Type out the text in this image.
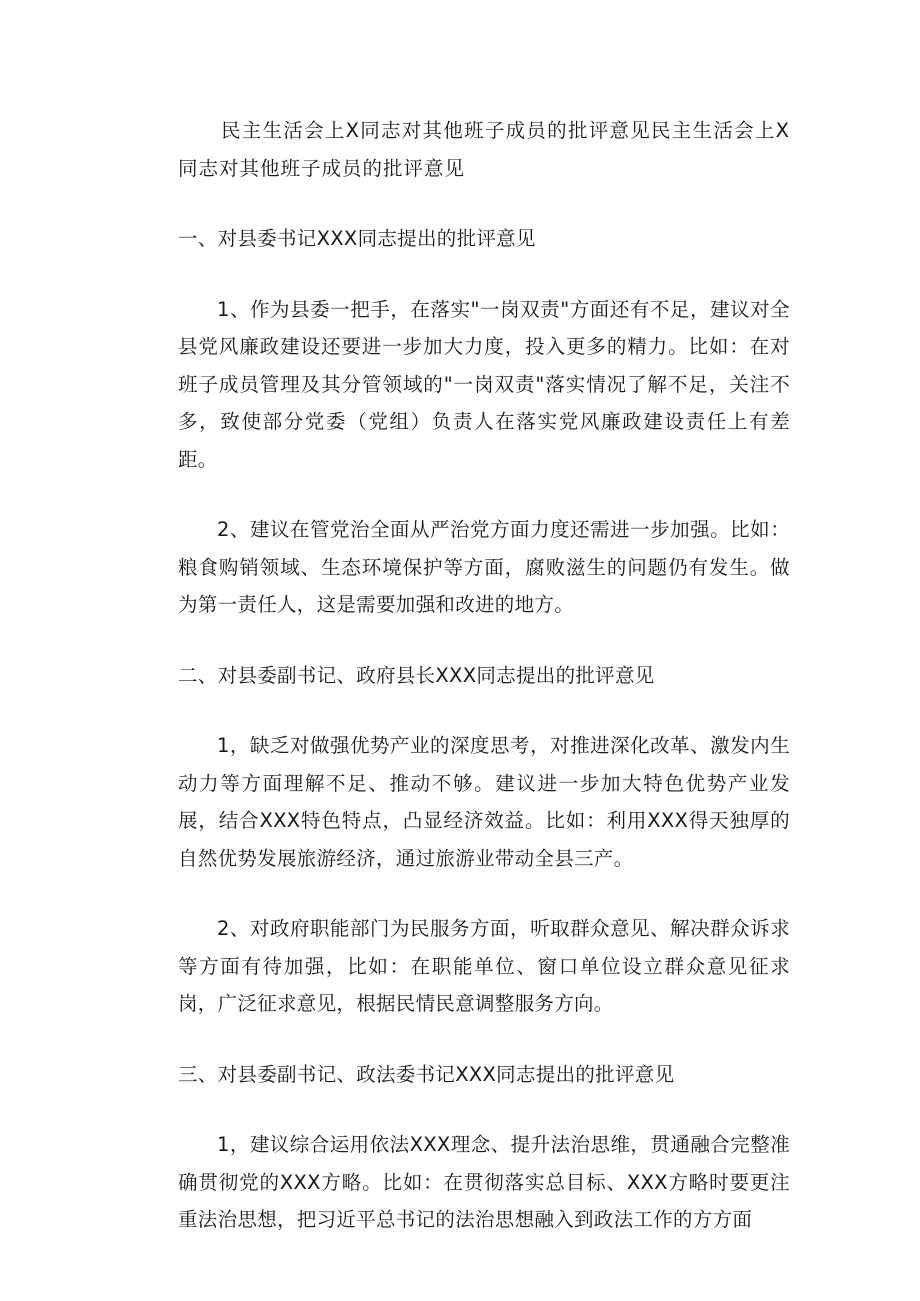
民主生活会上X同志对其他班子成员的批评意见民主生活会上X同志对其他班子成员的批评意见

一、对县委书记XXX同志提出的批评意见

1、作为县委一把手，在落实"一岗双责"方面还有不足，建议对全县党风廉政建设还要进一步加大力度，投入更多的精力。比如：在对班子成员管理及其分管领域的"一岗双责"落实情况了解不足，关注不多，致使部分党委（党组）负责人在落实党风廉政建设责任上有差距。

2、建议在管党治全面从严治党方面力度还需进一步加强。比如：粮食购销领域、生态环境保护等方面，腐败滋生的问题仍有发生。做为第一责任人，这是需要加强和改进的地方。

二、对县委副书记、政府县长XXX同志提出的批评意见

1，缺乏对做强优势产业的深度思考，对推进深化改革、激发内生动力等方面理解不足、推动不够。建议进一步加大特色优势产业发展，结合XXX特色特点，凸显经济效益。比如：利用XXX得天独厚的自然优势发展旅游经济，通过旅游业带动全县三产。

2、对政府职能部门为民服务方面，听取群众意见、解决群众诉求等方面有待加强，比如：在职能单位、窗口单位设立群众意见征求岗，广泛征求意见，根据民情民意调整服务方向。

三、对县委副书记、政法委书记XXX同志提出的批评意见

1，建议综合运用依法XXX理念、提升法治思维，贯通融合完整准确贯彻党的XXX方略。比如：在贯彻落实总目标、XXX方略时要更注重法治思想，把习近平总书记的法治思想融入到政法工作的方方面
